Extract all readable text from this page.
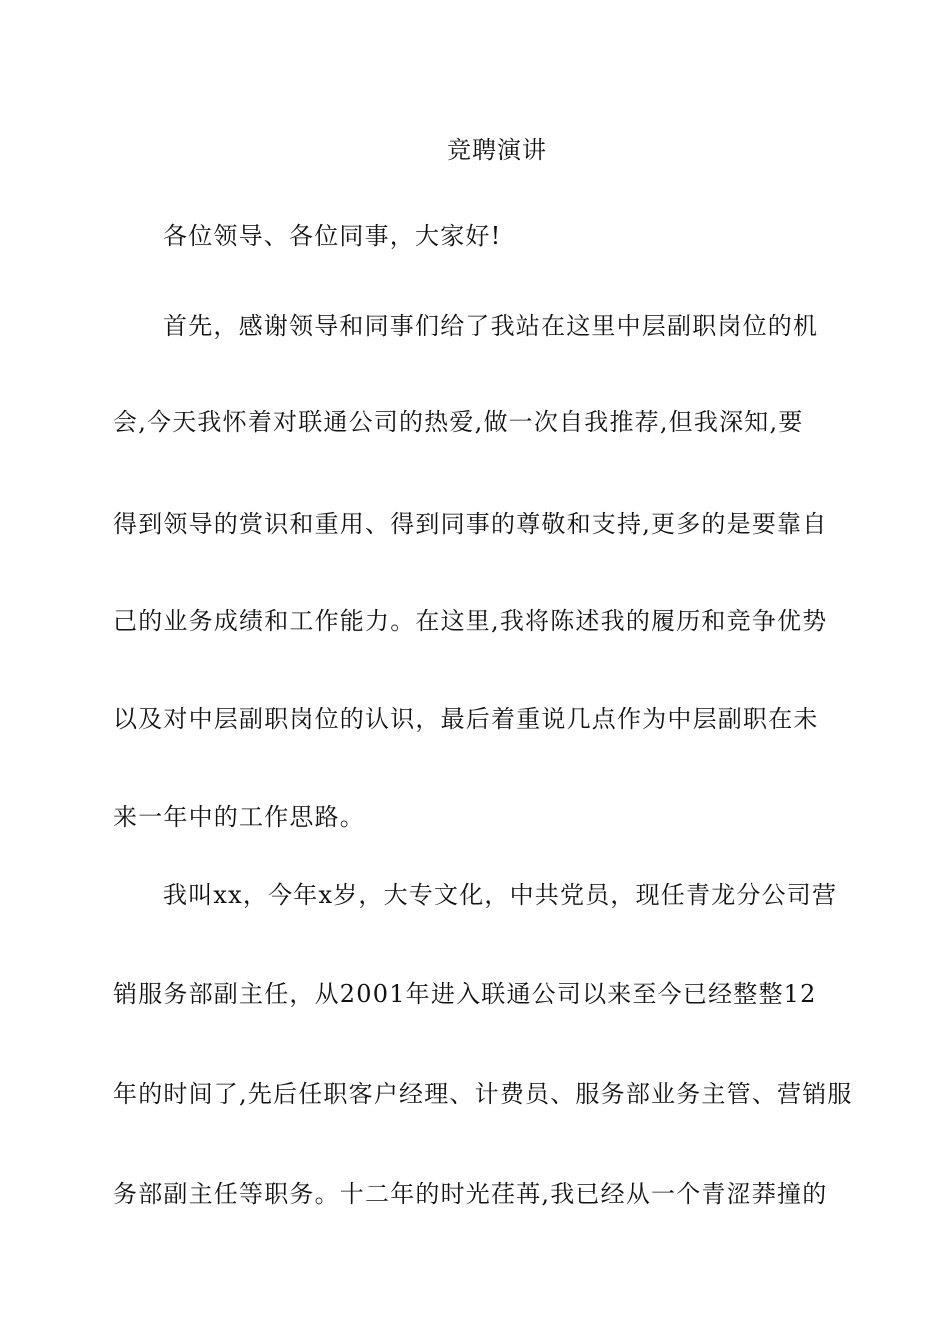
竞聘演讲
各位领导、各位同事，大家好!
首先，感谢领导和同事们给了我站在这里中层副职岗位的机
会,今天我怀着对联通公司的热爱,做一次自我推荐,但我深知,要
得到领导的赏识和重用、得到同事的尊敬和支持,更多的是要靠自
己的业务成绩和工作能力。在这里,我将陈述我的履历和竞争优势
以及对中层副职岗位的认识，最后着重说几点作为中层副职在未
来一年中的工作思路。
我叫xx，今年x岁，大专文化，中共党员，现任青龙分公司营
销服务部副主任，从2001年进入联通公司以来至今已经整整12
年的时间了,先后任职客户经理、计费员、服务部业务主管、营销服
务部副主任等职务。十二年的时光荏苒,我已经从一个青涩莽撞的
